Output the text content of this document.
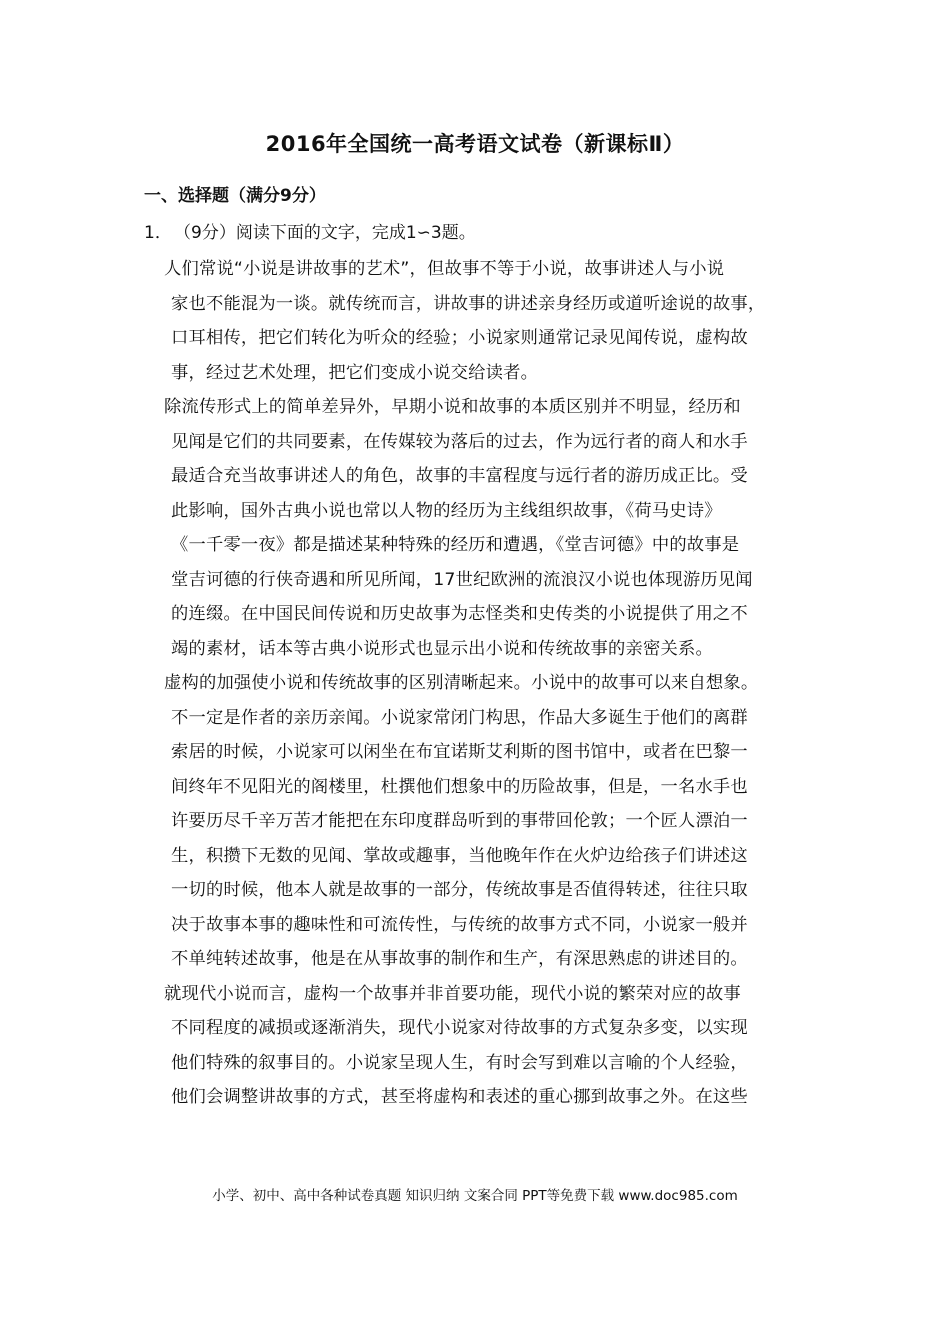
2016年全国统一高考语文试卷（新课标Ⅱ）
一、选择题（满分9分）
1． （9分）阅读下面的文字，完成1∽3题。
人们常说“小说是讲故事的艺术”，但故事不等于小说，故事讲述人与小说
家也不能混为一谈。就传统而言，讲故事的讲述亲身经历或道听途说的故事，
口耳相传，把它们转化为听众的经验；小说家则通常记录见闻传说，虚构故
事，经过艺术处理，把它们变成小说交给读者。
除流传形式上的简单差异外，早期小说和故事的本质区别并不明显，经历和
见闻是它们的共同要素，在传媒较为落后的过去，作为远行者的商人和水手
最适合充当故事讲述人的角色，故事的丰富程度与远行者的游历成正比。受
此影响，国外古典小说也常以人物的经历为主线组织故事，《荷马史诗》
《一千零一夜》都是描述某种特殊的经历和遭遇，《堂吉诃德》中的故事是
堂吉诃德的行侠奇遇和所见所闻，17世纪欧洲的流浪汉小说也体现游历见闻
的连缀。在中国民间传说和历史故事为志怪类和史传类的小说提供了用之不
竭的素材，话本等古典小说形式也显示出小说和传统故事的亲密关系。
虚构的加强使小说和传统故事的区别清晰起来。小说中的故事可以来自想象。
不一定是作者的亲历亲闻。小说家常闭门构思，作品大多诞生于他们的离群
索居的时候，小说家可以闲坐在布宜诺斯艾利斯的图书馆中，或者在巴黎一
间终年不见阳光的阁楼里，杜撰他们想象中的历险故事，但是，一名水手也
许要历尽千辛万苦才能把在东印度群岛听到的事带回伦敦；一个匠人漂泊一
生，积攒下无数的见闻、掌故或趣事，当他晚年作在火炉边给孩子们讲述这
一切的时候，他本人就是故事的一部分，传统故事是否值得转述，往往只取
决于故事本事的趣味性和可流传性，与传统的故事方式不同，小说家一般并
不单纯转述故事，他是在从事故事的制作和生产，有深思熟虑的讲述目的。
就现代小说而言，虚构一个故事并非首要功能，现代小说的繁荣对应的故事
不同程度的减损或逐渐消失，现代小说家对待故事的方式复杂多变，以实现
他们特殊的叙事目的。小说家呈现人生，有时会写到难以言喻的个人经验，
他们会调整讲故事的方式，甚至将虚构和表述的重心挪到故事之外。在这些
小学、初中、高中各种试卷真题 知识归纳 文案合同 PPT等免费下载 www.doc985.com
